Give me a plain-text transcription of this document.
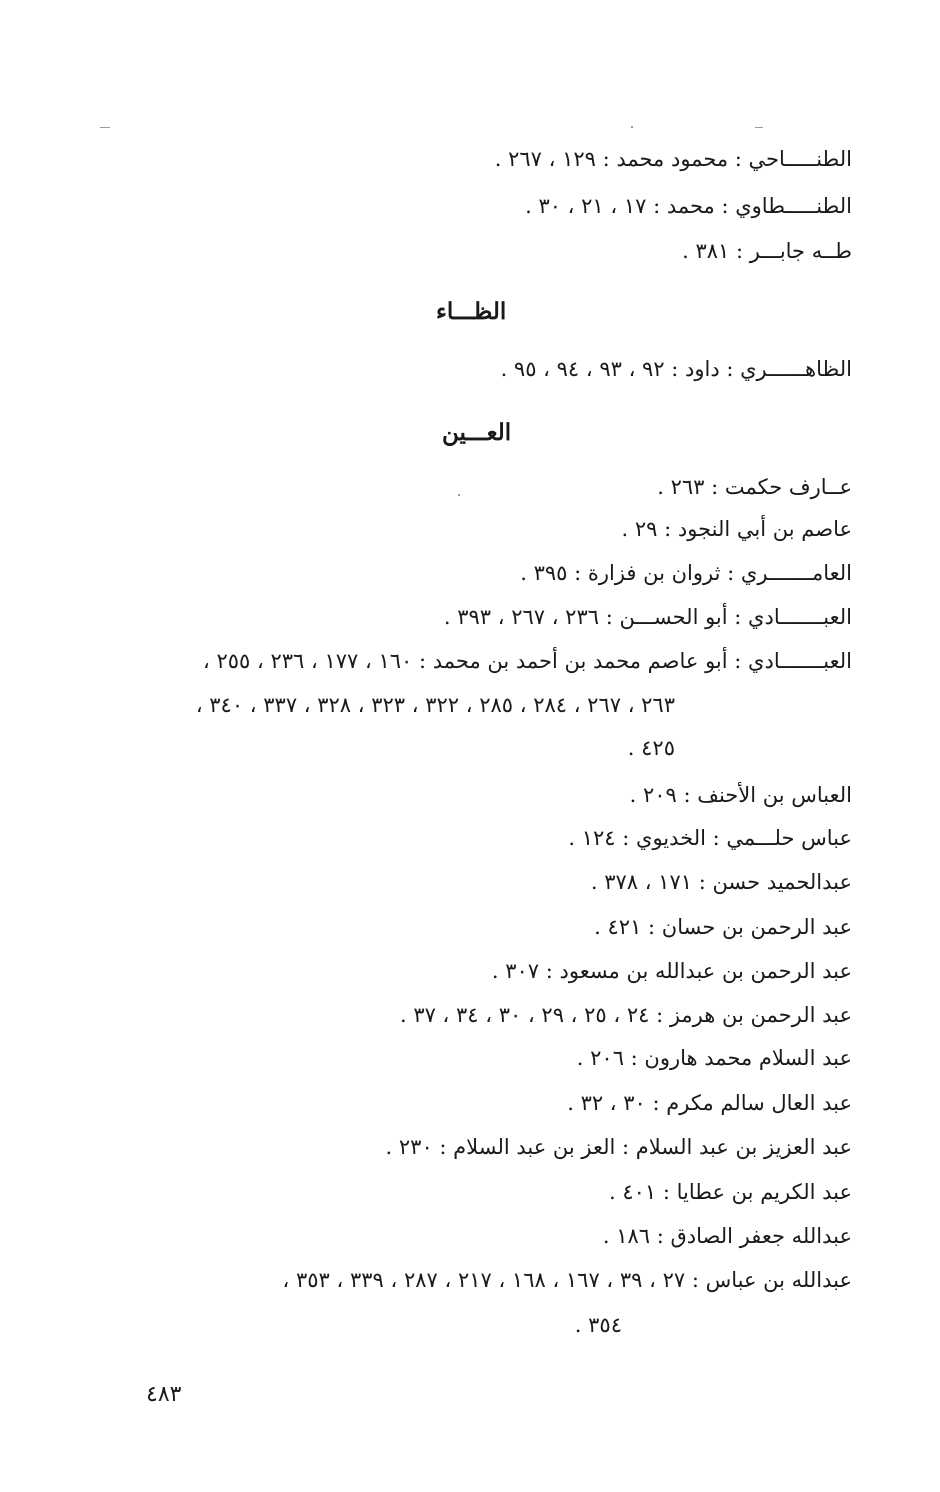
الطنـــــاحي : محمود محمد : ١٢٩ ، ٢٦٧ .
الطنـــــطاوي : محمد : ١٧ ، ٢١ ، ٣٠ .
طــه جابـــر : ٣٨١ .
الظـــاء
الظاهــــــري : داود : ٩٢ ، ٩٣ ، ٩٤ ، ٩٥ .
العـــين
عــارف حكمت : ٢٦٣ .
عاصم بن أبي النجود : ٢٩ .
العامـــــــري : ثروان بن فزارة : ٣٩٥ .
العبـــــــادي : أبو الحســـن : ٢٣٦ ، ٢٦٧ ، ٣٩٣ .
العبـــــــادي : أبو عاصم محمد بن أحمد بن محمد : ١٦٠ ، ١٧٧ ، ٢٣٦ ، ٢٥٥ ،
٢٦٣ ، ٢٦٧ ، ٢٨٤ ، ٢٨٥ ، ٣٢٢ ، ٣٢٣ ، ٣٢٨ ، ٣٣٧ ، ٣٤٠ ،
٤٢٥ .
العباس بن الأحنف : ٢٠٩ .
عباس حلـــمي : الخديوي : ١٢٤ .
عبدالحميد حسن : ١٧١ ، ٣٧٨ .
عبد الرحمن بن حسان : ٤٢١ .
عبد الرحمن بن عبدالله بن مسعود : ٣٠٧ .
عبد الرحمن بن هرمز : ٢٤ ، ٢٥ ، ٢٩ ، ٣٠ ، ٣٤ ، ٣٧ .
عبد السلام محمد هارون : ٢٠٦ .
عبد العال سالم مكرم : ٣٠ ، ٣٢ .
عبد العزيز بن عبد السلام : العز بن عبد السلام : ٢٣٠ .
عبد الكريم بن عطايا : ٤٠١ .
عبدالله جعفر الصادق : ١٨٦ .
عبدالله بن عباس : ٢٧ ، ٣٩ ، ١٦٧ ، ١٦٨ ، ٢١٧ ، ٢٨٧ ، ٣٣٩ ، ٣٥٣ ،
٣٥٤ .
٤٨٣
